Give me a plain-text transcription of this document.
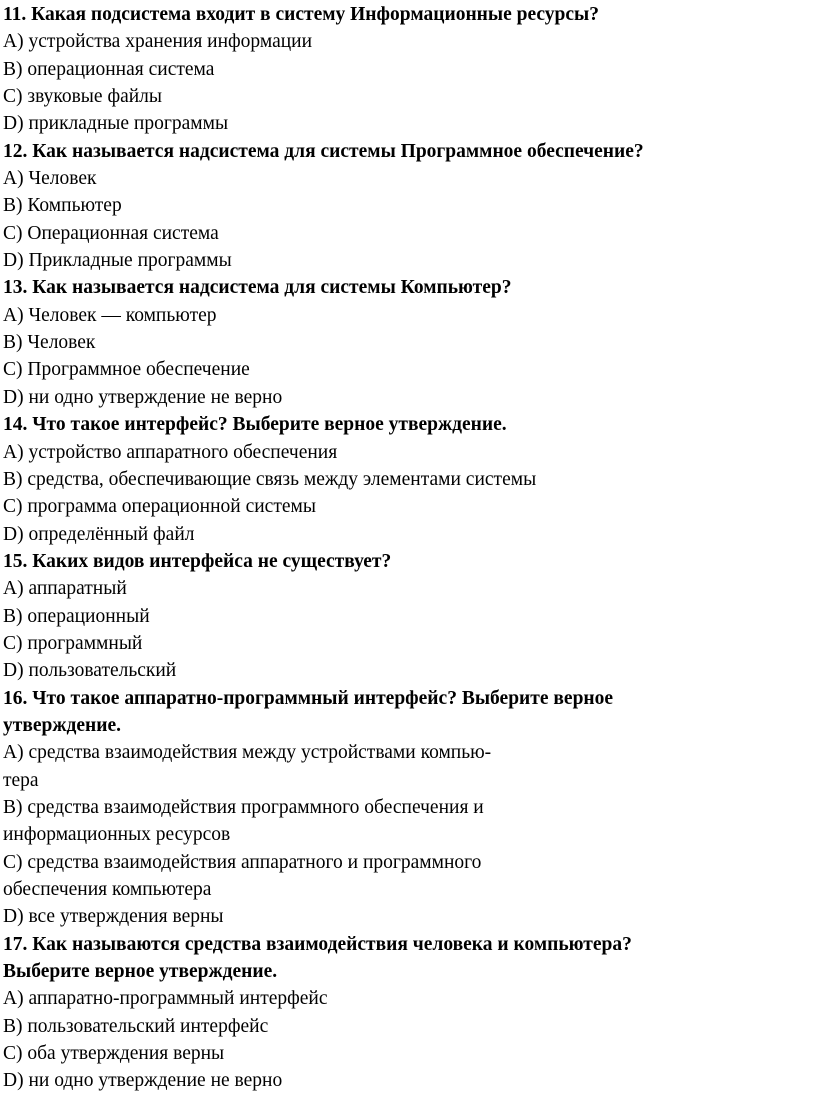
11. Какая подсистема входит в систему Информационные ресурсы?
A) устройства хранения информации
B) операционная система
C) звуковые файлы
D) прикладные программы
12. Как называется надсистема для системы Программное обеспечение?
A) Человек
B) Компьютер
C) Операционная система
D) Прикладные программы
13. Как называется надсистема для системы Компьютер?
A) Человек — компьютер
B) Человек
C) Программное обеспечение
D) ни одно утверждение не верно
14. Что такое интерфейс? Выберите верное утверждение.
A) устройство аппаратного обеспечения
B) средства, обеспечивающие связь между элементами системы
C) программа операционной системы
D) определённый файл
15. Каких видов интерфейса не существует?
A) аппаратный
B) операционный
C) программный
D) пользовательский
16. Что такое аппаратно-программный интерфейс? Выберите верное
утверждение.
A) средства взаимодействия между устройствами компью-
тера
B) средства взаимодействия программного обеспечения и
информационных ресурсов
C) средства взаимодействия аппаратного и программного
обеспечения компьютера
D) все утверждения верны
17. Как называются средства взаимодействия человека и компьютера?
Выберите верное утверждение.
A) аппаратно-программный интерфейс
B) пользовательский интерфейс
C) оба утверждения верны
D) ни одно утверждение не верно
